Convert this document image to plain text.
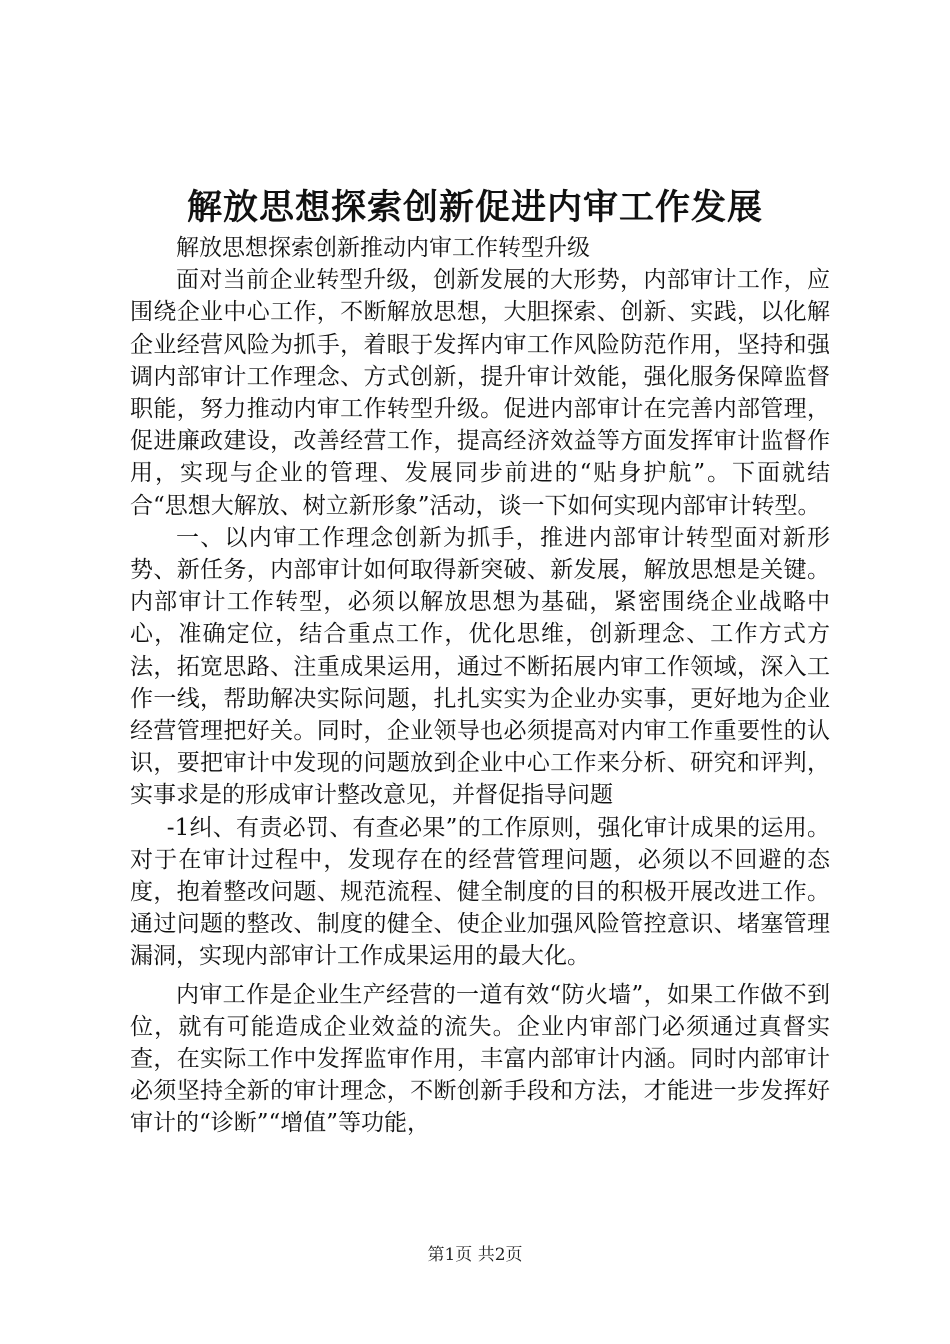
解放思想探索创新促进内审工作发展

解放思想探索创新推动内审工作转型升级

面对当前企业转型升级，创新发展的大形势，内部审计工作，应围绕企业中心工作，不断解放思想，大胆探索、创新、实践，以化解企业经营风险为抓手，着眼于发挥内审工作风险防范作用，坚持和强调内部审计工作理念、方式创新，提升审计效能，强化服务保障监督职能，努力推动内审工作转型升级。促进内部审计在完善内部管理，促进廉政建设，改善经营工作，提高经济效益等方面发挥审计监督作用，实现与企业的管理、发展同步前进的“贴身护航”。下面就结合“思想大解放、树立新形象”活动，谈一下如何实现内部审计转型。

一、以内审工作理念创新为抓手，推进内部审计转型面对新形势、新任务，内部审计如何取得新突破、新发展，解放思想是关键。内部审计工作转型，必须以解放思想为基础，紧密围绕企业战略中心，准确定位，结合重点工作，优化思维，创新理念、工作方式方法，拓宽思路、注重成果运用，通过不断拓展内审工作领域，深入工作一线，帮助解决实际问题，扎扎实实为企业办实事，更好地为企业经营管理把好关。同时，企业领导也必须提高对内审工作重要性的认识，要把审计中发现的问题放到企业中心工作来分析、研究和评判，实事求是的形成审计整改意见，并督促指导问题

-1纠、有责必罚、有查必果”的工作原则，强化审计成果的运用。对于在审计过程中，发现存在的经营管理问题，必须以不回避的态度，抱着整改问题、规范流程、健全制度的目的积极开展改进工作。通过问题的整改、制度的健全、使企业加强风险管控意识、堵塞管理漏洞，实现内部审计工作成果运用的最大化。

内审工作是企业生产经营的一道有效“防火墙”，如果工作做不到位，就有可能造成企业效益的流失。企业内审部门必须通过真督实查，在实际工作中发挥监审作用，丰富内部审计内涵。同时内部审计必须坚持全新的审计理念，不断创新手段和方法，才能进一步发挥好审计的“诊断”“增值”等功能，

第1页 共2页
